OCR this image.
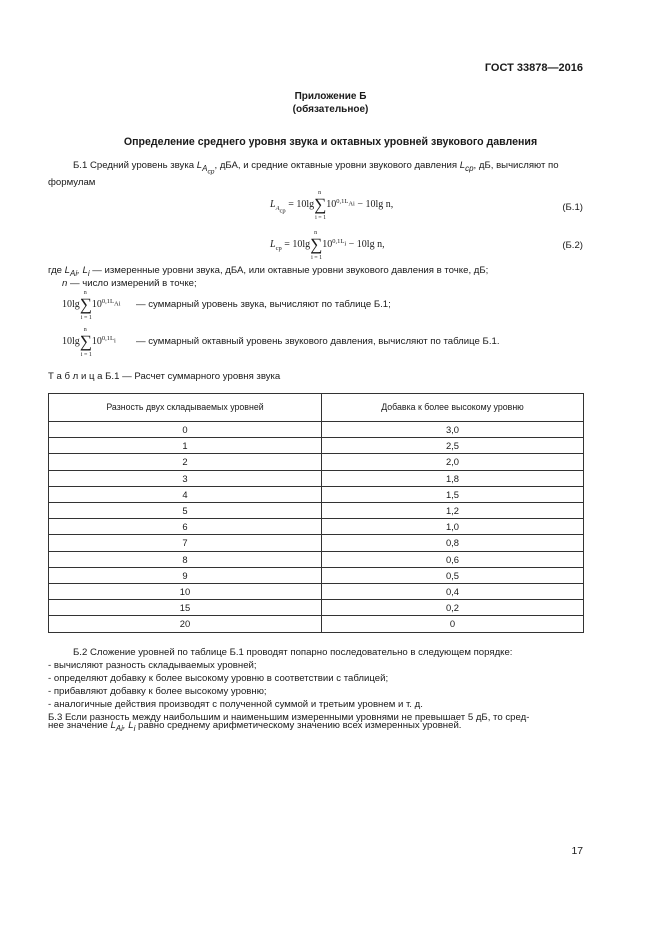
ГОСТ 33878—2016
Приложение Б
(обязательное)
Определение среднего уровня звука и октавных уровней звукового давления
Б.1 Средний уровень звука $L_{A_{ср}}$, дБА, и средние октавные уровни звукового давления $L_{ср}$, дБ, вычисляют по формулам
$L_{A_{ср}} = 10\lg$
n
∑
i = 1
$10^{0,1L_{Ai}} - 10\lg$ n,	(Б.1)
$L_{ср} = 10\lg$
n
∑
i = 1
$10^{0,1L_i} - 10\lg$ n,	(Б.2)
где $L_{Ai}$, $L_i$ — измеренные уровни звука, дБА, или октавные уровни звукового давления в точке, дБ;
n — число измерений в точке;
10lg
n
∑
i = 1
$10^{0,1L_{Ai}}$ — суммарный уровень звука, вычисляют по таблице Б.1;
10lg
n
∑
i = 1
$10^{0,1L_i}$ — суммарный октавный уровень звукового давления, вычисляют по таблице Б.1.
Т а б л и ц а Б.1 — Расчет суммарного уровня звука
Разность двух складываемых уровней	Добавка к более высокому уровню
0	3,0
1	2,5
2	2,0
3	1,8
4	1,5
5	1,2
6	1,0
7	0,8
8	0,6
9	0,5
10	0,4
15	0,2
20	0
Б.2 Сложение уровней по таблице Б.1 проводят попарно последовательно в следующем порядке:
- вычисляют разность складываемых уровней;
- определяют добавку к более высокому уровню в соответствии с таблицей;
- прибавляют добавку к более высокому уровню;
- аналогичные действия производят с полученной суммой и третьим уровнем и т. д.
Б.3 Если разность между наибольшим и наименьшим измеренными уровнями не превышает 5 дБ, то сред-
нее значение $L_{Ai}$, $L_i$ равно среднему арифметическому значению всех измеренных уровней.
17
